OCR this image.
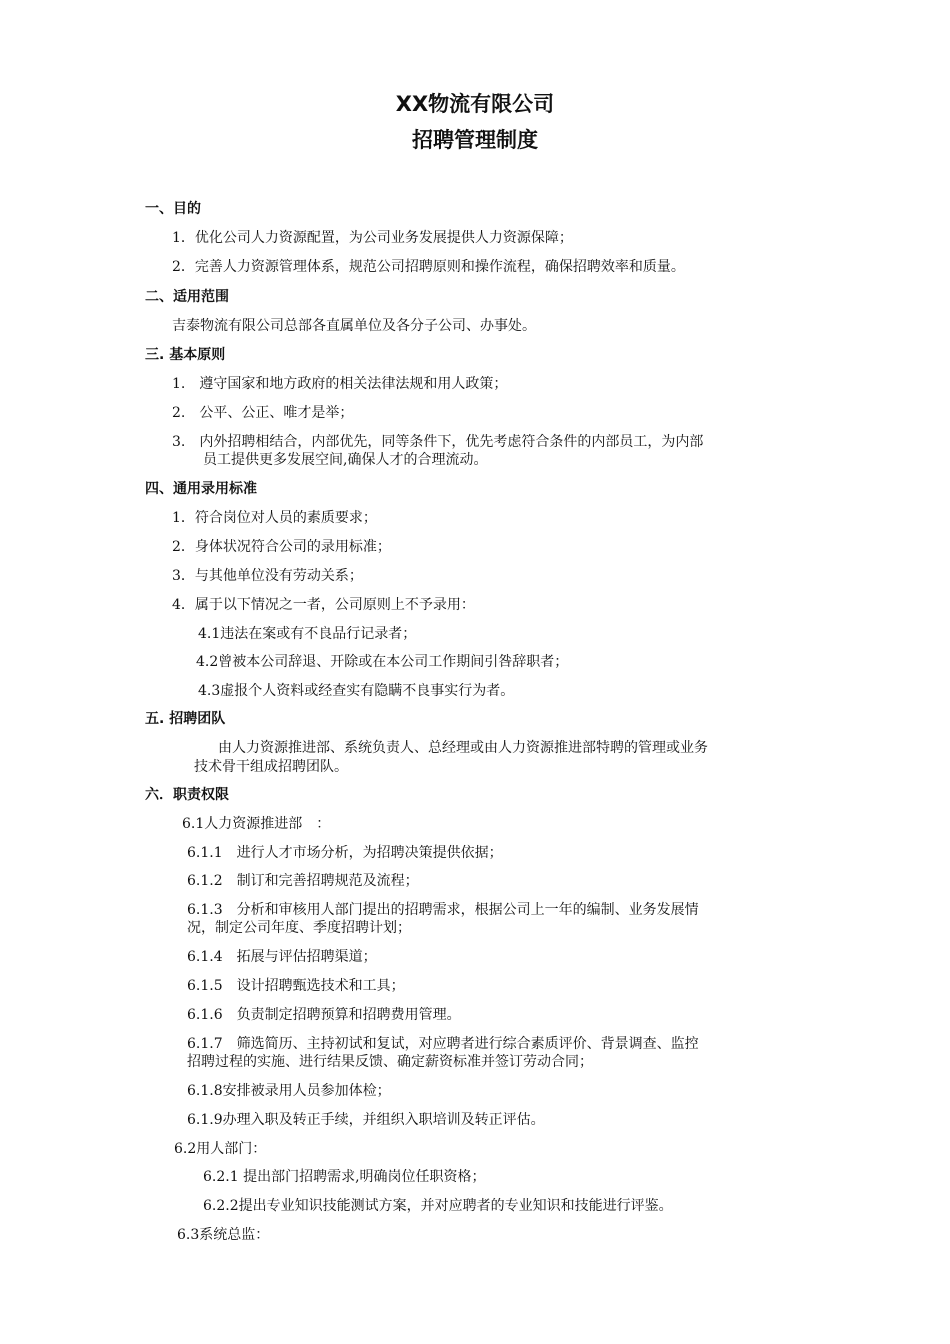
XX物流有限公司
招聘管理制度
一、目的
1．优化公司人力资源配置，为公司业务发展提供人力资源保障；
2．完善人力资源管理体系，规范公司招聘原则和操作流程，确保招聘效率和质量。
二、适用范围
吉泰物流有限公司总部各直属单位及各分子公司、办事处。
三. 基本原则
1.　遵守国家和地方政府的相关法律法规和用人政策；
2.　公平、公正、唯才是举；
3.　内外招聘相结合，内部优先，同等条件下，优先考虑符合条件的内部员工，为内部
员工提供更多发展空间,确保人才的合理流动。
四、通用录用标准
1．符合岗位对人员的素质要求；
2．身体状况符合公司的录用标准；
3．与其他单位没有劳动关系；
4．属于以下情况之一者，公司原则上不予录用：
4.1违法在案或有不良品行记录者；
4.2曾被本公司辞退、开除或在本公司工作期间引咎辞职者；
4.3虚报个人资料或经查实有隐瞒不良事实行为者。
五. 招聘团队
由人力资源推进部、系统负责人、总经理或由人力资源推进部特聘的管理或业务
技术骨干组成招聘团队。
六．职责权限
6.1人力资源推进部　：
6.1.1　进行人才市场分析，为招聘决策提供依据；
6.1.2　制订和完善招聘规范及流程；
6.1.3　分析和审核用人部门提出的招聘需求，根据公司上一年的编制、业务发展情
况，制定公司年度、季度招聘计划；
6.1.4　拓展与评估招聘渠道；
6.1.5　设计招聘甄选技术和工具；
6.1.6　负责制定招聘预算和招聘费用管理。
6.1.7　筛选简历、主持初试和复试，对应聘者进行综合素质评价、背景调查、监控
招聘过程的实施、进行结果反馈、确定薪资标准并签订劳动合同；
6.1.8安排被录用人员参加体检；
6.1.9办理入职及转正手续，并组织入职培训及转正评估。
6.2用人部门：
6.2.1 提出部门招聘需求,明确岗位任职资格；
6.2.2提出专业知识技能测试方案，并对应聘者的专业知识和技能进行评鉴。
6.3系统总监：
